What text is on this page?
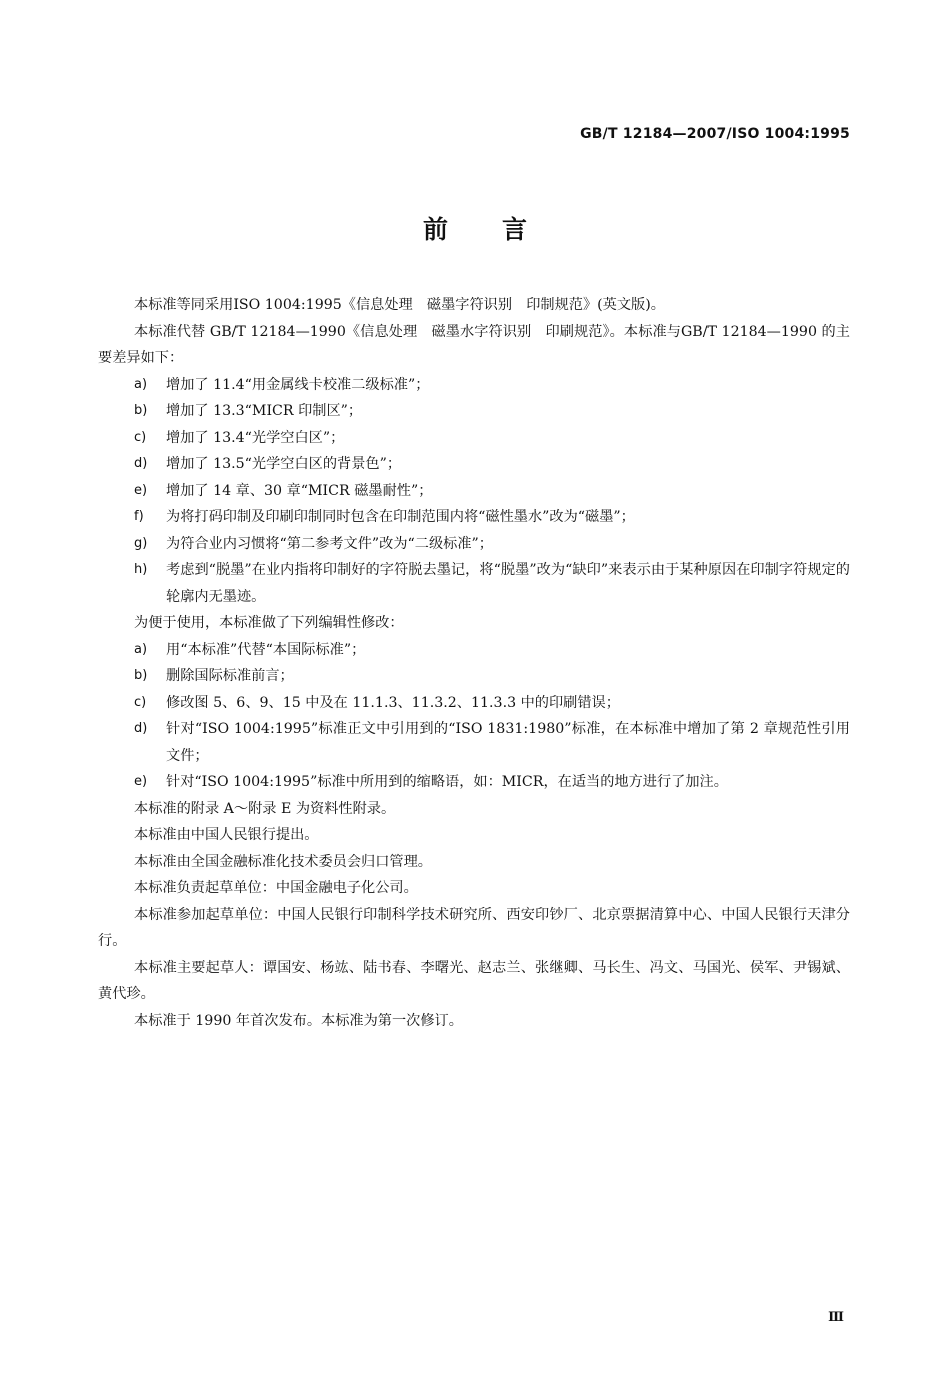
GB/T 12184—2007/ISO 1004:1995
前 言

本标准等同采用ISO 1004:1995《信息处理　磁墨字符识别　印制规范》(英文版)。

本标准代替 GB/T 12184—1990《信息处理　磁墨水字符识别　印刷规范》。本标准与GB/T 12184—1990 的主要差异如下：

a)	增加了 11.4“用金属线卡校准二级标准”；
b)	增加了 13.3“MICR 印制区”；
c)	增加了 13.4“光学空白区”；
d)	增加了 13.5“光学空白区的背景色”；
e)	增加了 14 章、30 章“MICR 磁墨耐性”；
f)	为将打码印制及印刷印制同时包含在印制范围内将“磁性墨水”改为“磁墨”；
g)	为符合业内习惯将“第二参考文件”改为“二级标准”；
h)	考虑到“脱墨”在业内指将印制好的字符脱去墨记，将“脱墨”改为“缺印”来表示由于某种原因在印制字符规定的轮廓内无墨迹。

为便于使用，本标准做了下列编辑性修改：

a)	用“本标准”代替“本国际标准”；
b)	删除国际标准前言；
c)	修改图 5、6、9、15 中及在 11.1.3、11.3.2、11.3.3 中的印刷错误；
d)	针对“ISO 1004:1995”标准正文中引用到的“ISO 1831:1980”标准，在本标准中增加了第 2 章规范性引用文件；
e)	针对“ISO 1004:1995”标准中所用到的缩略语，如：MICR，在适当的地方进行了加注。

本标准的附录 A～附录 E 为资料性附录。

本标准由中国人民银行提出。

本标准由全国金融标准化技术委员会归口管理。

本标准负责起草单位：中国金融电子化公司。

本标准参加起草单位：中国人民银行印制科学技术研究所、西安印钞厂、北京票据清算中心、中国人民银行天津分行。

本标准主要起草人：谭国安、杨竑、陆书春、李曙光、赵志兰、张继卿、马长生、冯文、马国光、侯军、尹锡斌、黄代珍。

本标准于 1990 年首次发布。本标准为第一次修订。

Ⅲ
